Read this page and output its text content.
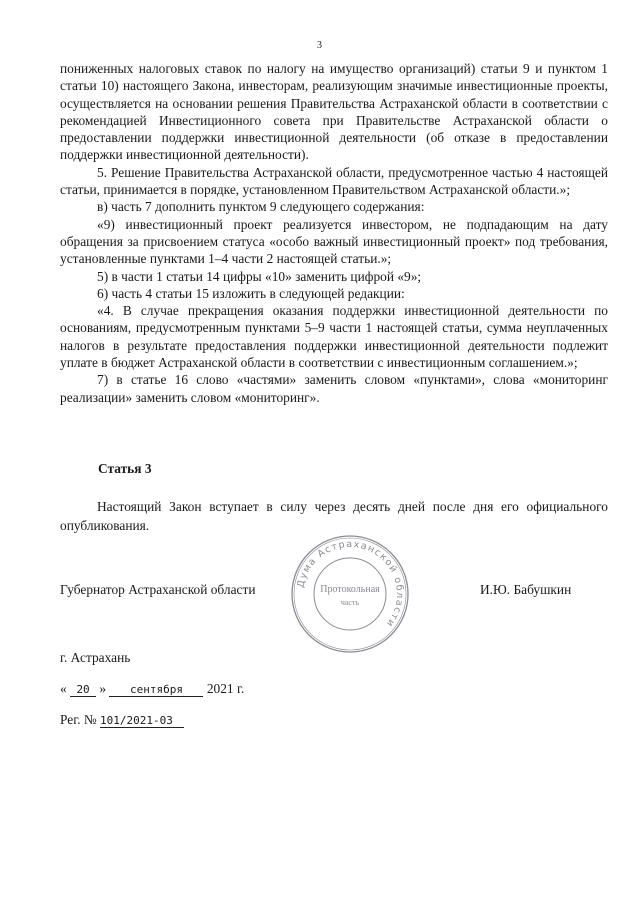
3

пониженных налоговых ставок по налогу на имущество организаций) статьи 9 и пунктом 1 статьи 10) настоящего Закона, инвесторам, реализующим значимые инвестиционные проекты, осуществляется на основании решения Правительства Астраханской области в соответствии с рекомендацией Инвестиционного совета при Правительстве Астраханской области о предоставлении поддержки инвестиционной деятельности (об отказе в предоставлении поддержки инвестиционной деятельности).

5. Решение Правительства Астраханской области, предусмотренное частью 4 настоящей статьи, принимается в порядке, установленном Правительством Астраханской области.»;

в) часть 7 дополнить пунктом 9 следующего содержания:

«9) инвестиционный проект реализуется инвестором, не подпадающим на дату обращения за присвоением статуса «особо важный инвестиционный проект» под требования, установленные пунктами 1–4 части 2 настоящей статьи.»;

5) в части 1 статьи 14 цифры «10» заменить цифрой «9»;

6) часть 4 статьи 15 изложить в следующей редакции:

«4. В случае прекращения оказания поддержки инвестиционной деятельности по основаниям, предусмотренным пунктами 5–9 части 1 настоящей статьи, сумма неуплаченных налогов в результате предоставления поддержки инвестиционной деятельности подлежит уплате в бюджет Астраханской области в соответствии с инвестиционным соглашением.»;

7) в статье 16 слово «частями» заменить словом «пунктами», слова «мониторинг реализации» заменить словом «мониторинг».

Статья 3

Настоящий Закон вступает в силу через десять дней после дня его официального опубликования.

Губернатор Астраханской области	Дума Астраханской области
Протокольная
часть
И.Ю. Бабушкин
г. Астрахань
« 20 » сентября 2021 г.
Рег. № 101/2021-03
